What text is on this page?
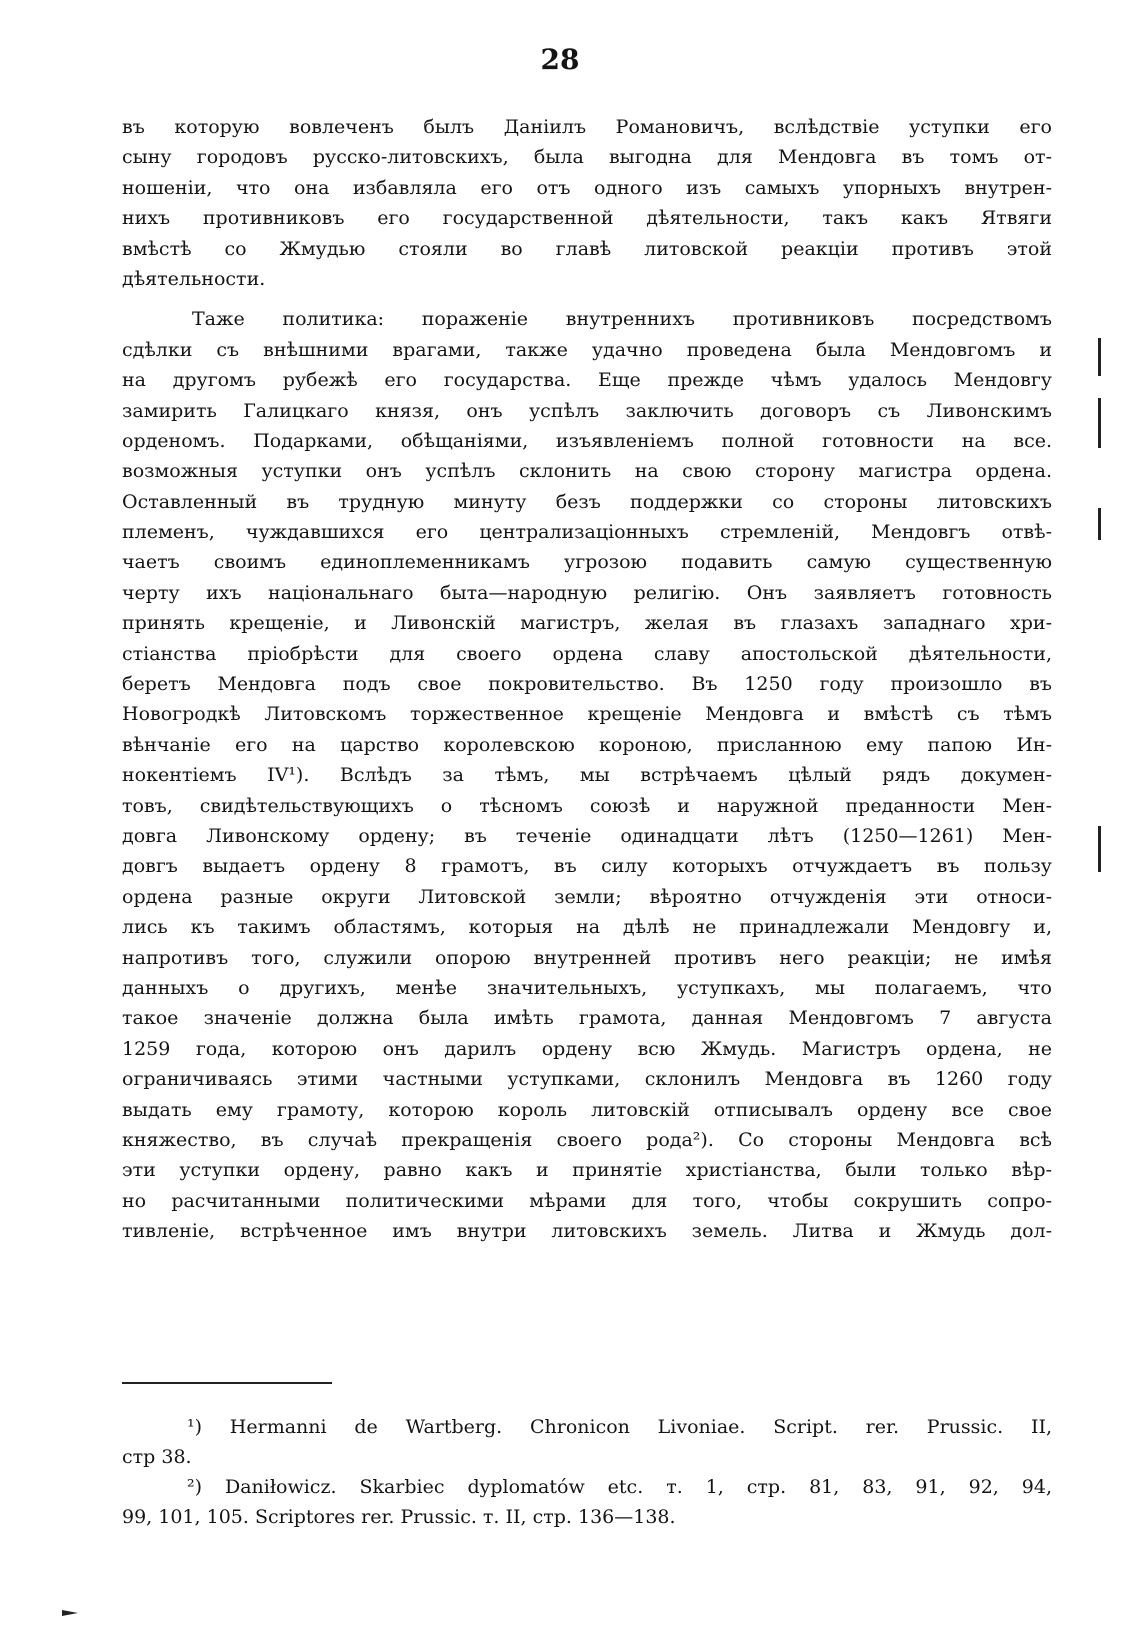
28
въ которую вовлеченъ былъ Даніилъ Романовичъ, вслѣдствіе уступки его
сыну городовъ русско-литовскихъ, была выгодна для Мендовга въ томъ от-
ношеніи, что она избавляла его отъ одного изъ самыхъ упорныхъ внутрен-
нихъ противниковъ его государственной дѣятельности, такъ какъ Ятвяги
вмѣстѣ со Жмудью стояли во главѣ литовской реакціи противъ этой
дѣятельности.
Таже политика: пораженіе внутреннихъ противниковъ посредствомъ
сдѣлки съ внѣшними врагами, также удачно проведена была Мендовгомъ и
на другомъ рубежѣ его государства. Еще прежде чѣмъ удалось Мендовгу
замирить Галицкаго князя, онъ успѣлъ заключить договоръ съ Ливонскимъ
орденомъ. Подарками, обѣщаніями, изъявленіемъ полной готовности на все.
возможныя уступки онъ успѣлъ склонить на свою сторону магистра ордена.
Оставленный въ трудную минуту безъ поддержки со стороны литовскихъ
племенъ, чуждавшихся его централизаціонныхъ стремленій, Мендовгъ отвѣ-
чаетъ своимъ единоплеменникамъ угрозою подавить самую существенную
черту ихъ національнаго быта—народную религію. Онъ заявляетъ готовность
принять крещеніе, и Ливонскій магистръ, желая въ глазахъ западнаго хри-
стіанства пріобрѣсти для своего ордена славу апостольской дѣятельности,
беретъ Мендовга подъ свое покровительство. Въ 1250 году произошло въ
Новогродкѣ Литовскомъ торжественное крещеніе Мендовга и вмѣстѣ съ тѣмъ
вѣнчаніе его на царство королевскою короною, присланною ему папою Ин-
нокентіемъ IV¹). Вслѣдъ за тѣмъ, мы встрѣчаемъ цѣлый рядъ докумен-
товъ, свидѣтельствующихъ о тѣсномъ союзѣ и наружной преданности Мен-
довга Ливонскому ордену; въ теченіе одинадцати лѣтъ (1250—1261) Мен-
довгъ выдаетъ ордену 8 грамотъ, въ силу которыхъ отчуждаетъ въ пользу
ордена разные округи Литовской земли; вѣроятно отчужденія эти относи-
лись къ такимъ областямъ, которыя на дѣлѣ не принадлежали Мендовгу и,
напротивъ того, служили опорою внутренней противъ него реакціи; не имѣя
данныхъ о другихъ, менѣе значительныхъ, уступкахъ, мы полагаемъ, что
такое значеніе должна была имѣть грамота, данная Мендовгомъ 7 августа
1259 года, которою онъ дарилъ ордену всю Жмудь. Магистръ ордена, не
ограничиваясь этими частными уступками, склонилъ Мендовга въ 1260 году
выдать ему грамоту, которою король литовскій отписывалъ ордену все свое
княжество, въ случаѣ прекращенія своего рода²). Со стороны Мендовга всѣ
эти уступки ордену, равно какъ и принятіе христіанства, были только вѣр-
но расчитанными политическими мѣрами для того, чтобы сокрушить сопро-
тивленіе, встрѣченное имъ внутри литовскихъ земель. Литва и Жмудь дол-
¹) Hermanni de Wartberg. Chronicon Livoniae. Script. rer. Prussic. II,
стр 38.
²) Daniłowicz. Skarbiec dyplomatów etc. т. 1, стр. 81, 83, 91, 92, 94,
99, 101, 105. Scriptores rer. Prussic. т. II, стр. 136—138.
